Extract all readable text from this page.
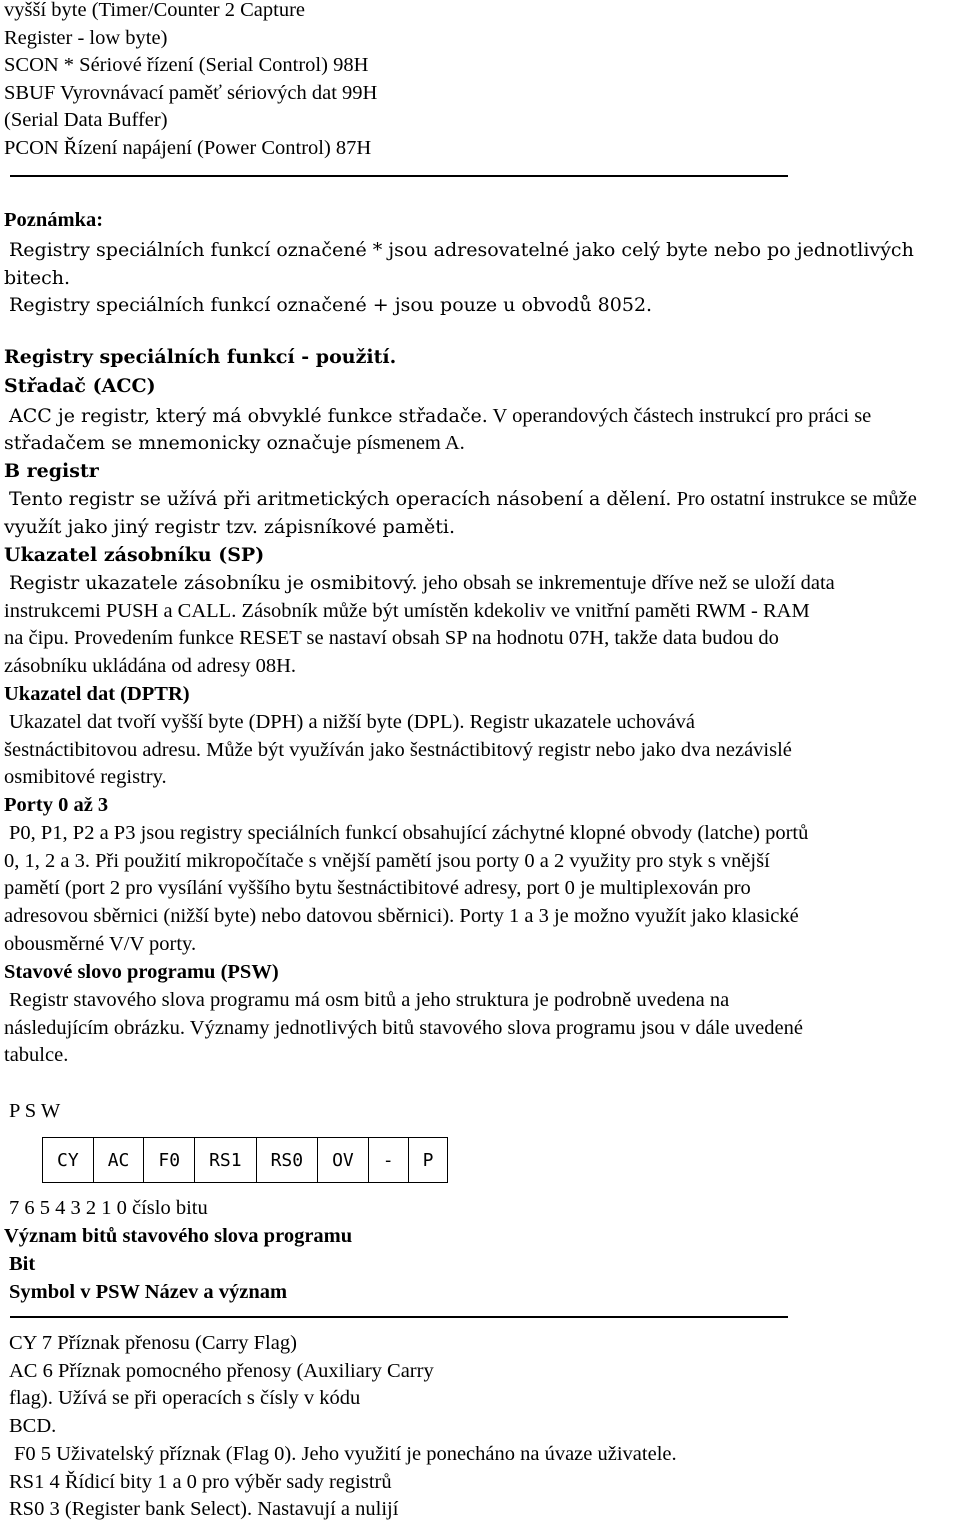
vyšší byte (Timer/Counter 2 Capture
Register - low byte)
SCON * Sériové řízení (Serial Control) 98H
SBUF Vyrovnávací paměť sériových dat 99H
(Serial Data Buffer)
PCON Řízení napájení (Power Control) 87H
Poznámka:
Registry speciálních funkcí označené * jsou adresovatelné jako celý byte nebo po jednotlivých
bitech.
Registry speciálních funkcí označené + jsou pouze u obvodů 8052.
Registry speciálních funkcí - použití.
Střadač (ACC)
ACC je registr, který má obvyklé funkce střadače. V operandových částech instrukcí pro práci se
střadačem se mnemonicky označuje písmenem A.
B registr
Tento registr se užívá při aritmetických operacích násobení a dělení. Pro ostatní instrukce se může
využít jako jiný registr tzv. zápisníkové paměti.
Ukazatel zásobníku (SP)
Registr ukazatele zásobníku je osmibitový. jeho obsah se inkrementuje dříve než se uloží data
instrukcemi PUSH a CALL. Zásobník může být umístěn kdekoliv ve vnitřní paměti RWM - RAM
na čipu. Provedením funkce RESET se nastaví obsah SP na hodnotu 07H, takže data budou do
zásobníku ukládána od adresy 08H.
Ukazatel dat (DPTR)
Ukazatel dat tvoří vyšší byte (DPH) a nižší byte (DPL). Registr ukazatele uchovává
šestnáctibitovou adresu. Může být využíván jako šestnáctibitový registr nebo jako dva nezávislé
osmibitové registry.
Porty 0 až 3
P0, P1, P2 a P3 jsou registry speciálních funkcí obsahující záchytné klopné obvody (latche) portů
0, 1, 2 a 3. Při použití mikropočítače s vnější pamětí jsou porty 0 a 2 využity pro styk s vnější
pamětí (port 2 pro vysílání vyššího bytu šestnáctibitové adresy, port 0 je multiplexován pro
adresovou sběrnici (nižší byte) nebo datovou sběrnici). Porty 1 a 3 je možno využít jako klasické
obousměrné V/V porty.
Stavové slovo programu (PSW)
Registr stavového slova programu má osm bitů a jeho struktura je podrobně uvedena na
následujícím obrázku. Významy jednotlivých bitů stavového slova programu jsou v dále uvedené
tabulce.
P S W
CY	AC	F0	RS1	RS0	OV	-	P
7 6 5 4 3 2 1 0 číslo bitu
Význam bitů stavového slova programu
Bit
Symbol v PSW Název a význam
CY 7 Příznak přenosu (Carry Flag)
AC 6 Příznak pomocného přenosy (Auxiliary Carry
flag). Užívá se při operacích s čísly v kódu
BCD.
F0 5 Uživatelský příznak (Flag 0). Jeho využití je ponecháno na úvaze uživatele.
RS1 4 Řídicí bity 1 a 0 pro výběr sady registrů
RS0 3 (Register bank Select). Nastavují a nulijí
